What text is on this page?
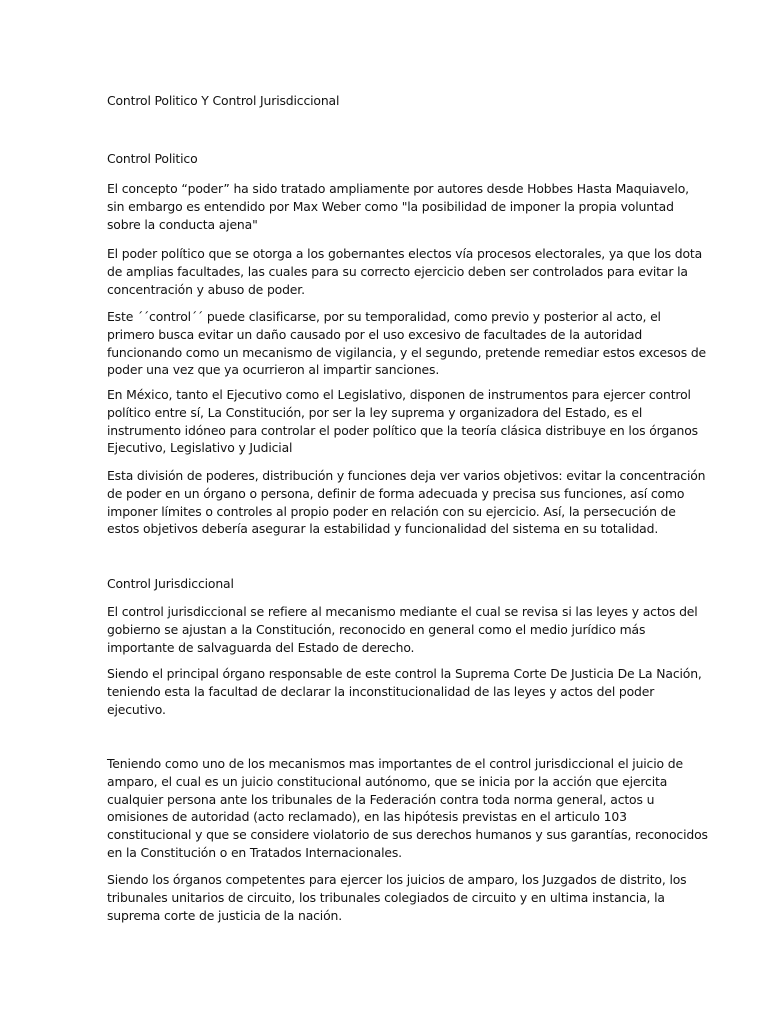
Control Politico Y Control Jurisdiccional

Control Politico

El concepto “poder” ha sido tratado ampliamente por autores desde Hobbes Hasta Maquiavelo,
sin embargo es entendido por Max Weber como "la posibilidad de imponer la propia voluntad
sobre la conducta ajena"

El poder político que se otorga a los gobernantes electos vía procesos electorales, ya que los dota
de amplias facultades, las cuales para su correcto ejercicio deben ser controlados para evitar la
concentración y abuso de poder.

Este ´´control´´ puede clasificarse, por su temporalidad, como previo y posterior al acto, el
primero busca evitar un daño causado por el uso excesivo de facultades de la autoridad
funcionando como un mecanismo de vigilancia, y el segundo, pretende remediar estos excesos de
poder una vez que ya ocurrieron al impartir sanciones.

En México, tanto el Ejecutivo como el Legislativo, disponen de instrumentos para ejercer control
político entre sí, La Constitución, por ser la ley suprema y organizadora del Estado, es el
instrumento idóneo para controlar el poder político que la teoría clásica distribuye en los órganos
Ejecutivo, Legislativo y Judicial

Esta división de poderes, distribución y funciones deja ver varios objetivos: evitar la concentración
de poder en un órgano o persona, definir de forma adecuada y precisa sus funciones, así como
imponer límites o controles al propio poder en relación con su ejercicio. Así, la persecución de
estos objetivos debería asegurar la estabilidad y funcionalidad del sistema en su totalidad.

Control Jurisdiccional

El control jurisdiccional se refiere al mecanismo mediante el cual se revisa si las leyes y actos del
gobierno se ajustan a la Constitución, reconocido en general como el medio jurídico más
importante de salvaguarda del Estado de derecho.

Siendo el principal órgano responsable de este control la Suprema Corte De Justicia De La Nación,
teniendo esta la facultad de declarar la inconstitucionalidad de las leyes y actos del poder
ejecutivo.

Teniendo como uno de los mecanismos mas importantes de el control jurisdiccional el juicio de
amparo, el cual es un juicio constitucional autónomo, que se inicia por la acción que ejercita
cualquier persona ante los tribunales de la Federación contra toda norma general, actos u
omisiones de autoridad (acto reclamado), en las hipótesis previstas en el articulo 103
constitucional y que se considere violatorio de sus derechos humanos y sus garantías, reconocidos
en la Constitución o en Tratados Internacionales.

Siendo los órganos competentes para ejercer los juicios de amparo, los Juzgados de distrito, los
tribunales unitarios de circuito, los tribunales colegiados de circuito y en ultima instancia, la
suprema corte de justicia de la nación.
